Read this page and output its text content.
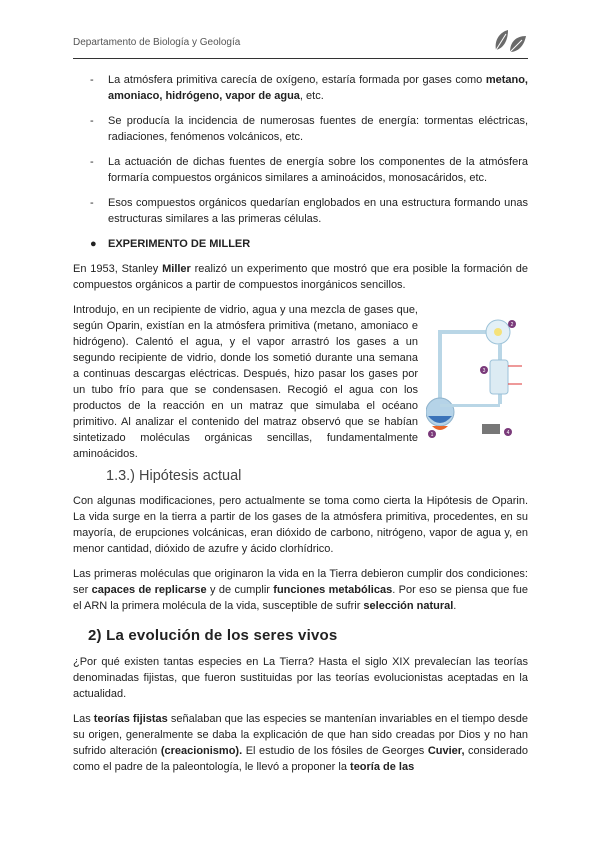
Departamento de Biología y Geología
- La atmósfera primitiva carecía de oxígeno, estaría formada por gases como metano, amoniaco, hidrógeno, vapor de agua, etc.
- Se producía la incidencia de numerosas fuentes de energía: tormentas eléctricas, radiaciones, fenómenos volcánicos, etc.
- La actuación de dichas fuentes de energía sobre los componentes de la atmósfera formaría compuestos orgánicos similares a aminoácidos, monosacáridos, etc.
- Esos compuestos orgánicos quedarían englobados en una estructura formando unas estructuras similares a las primeras células.
● EXPERIMENTO DE MILLER

En 1953, Stanley Miller realizó un experimento que mostró que era posible la formación de compuestos orgánicos a partir de compuestos inorgánicos sencillos.

Introdujo, en un recipiente de vidrio, agua y una mezcla de gases que, según Oparin, existían en la atmósfera primitiva (metano, amoniaco e hidrógeno). Calentó el agua, y el vapor arrastró los gases a un segundo recipiente de vidrio, donde los sometió durante una semana a continuas descargas eléctricas. Después, hizo pasar los gases por un tubo frío para que se condensasen. Recogió el agua con los productos de la reacción en un matraz que simulaba el océano primitivo. Al analizar el contenido del matraz observó que se habían sintetizado moléculas orgánicas sencillas, fundamentalmente aminoácidos.
2
3
1	4
1.3.) Hipótesis actual

Con algunas modificaciones, pero actualmente se toma como cierta la Hipótesis de Oparin. La vida surge en la tierra a partir de los gases de la atmósfera primitiva, procedentes, en su mayoría, de erupciones volcánicas, eran dióxido de carbono, nitrógeno, vapor de agua y, en menor cantidad, dióxido de azufre y ácido clorhídrico.

Las primeras moléculas que originaron la vida en la Tierra debieron cumplir dos condiciones: ser capaces de replicarse y de cumplir funciones metabólicas. Por eso se piensa que fue el ARN la primera molécula de la vida, susceptible de sufrir selección natural.

2) La evolución de los seres vivos

¿Por qué existen tantas especies en La Tierra? Hasta el siglo XIX prevalecían las teorías denominadas fijistas, que fueron sustituidas por las teorías evolucionistas aceptadas en la actualidad.

Las teorías fijistas señalaban que las especies se mantenían invariables en el tiempo desde su origen, generalmente se daba la explicación de que han sido creadas por Dios y no han sufrido alteración (creacionismo). El estudio de los fósiles de Georges Cuvier, considerado como el padre de la paleontología, le llevó a proponer la teoría de las
